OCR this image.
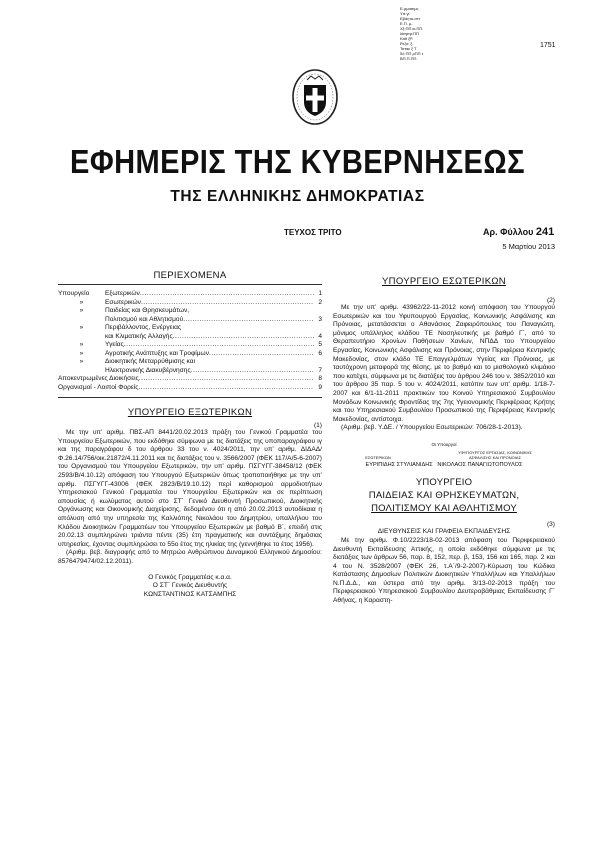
Ε-ρμασιμς
Υπ.γί
Εβάςτα-σττ
Ε.Π. μ-
Χξ:ΠΠ.κι.ΠΠ.
Ιάσρτρ:ΠΠ
Καθ ξΡ.
Ρεζο: ξ-
Τσταε ξ Τ
δό ΠΠ ρΠΠ τ
ΒΠ.Π.ΠΠ.
1751
ΕΦΗΜΕΡΙΣ ΤΗΣ ΚΥΒΕΡΝΗΣΕΩΣ
ΤΗΣ ΕΛΛΗΝΙΚΗΣ ΔΗΜΟΚΡΑΤΙΑΣ
ΤΕΥΧΟΣ ΤΡΙΤΟ	Αρ. Φύλλου 241
5 Μαρτίου 2013
ΠΕΡΙΕΧΟΜΕΝΑ
Υπουργείο	Εξωτερικών .....	1
»	Εσωτερικών .....	2
»	Παιδείας και Θρησκευμάτων,
Πολιτισμού και Αθλητισμού .....	3
»	Περιβάλλοντος, Ενέργειας
και Κλιματικής Αλλαγής .....	4
»	Υγείας .....	5
»	Αγροτικής Ανάπτυξης και Τροφίμων .....	6
»	Διοικητικής Μεταρρύθμισης και
Ηλεκτρονικής Διακυβέρνησης .....	7
Αποκεντρωμένες Διοικήσεις .....	8
Οργανισμοί - Λοιποί Φορείς .....	9
ΥΠΟΥΡΓΕΙΟ ΕΞΩΤΕΡΙΚΩΝ
(1)

Με την υπ’ αριθμ. ΠΒΣ-ΑΠ 8441/20.02.2013 πράξη του Γενικού Γραμματέα του Υπουργείου Εξωτερικών, που εκδόθηκε σύμφωνα με τις διατάξεις της υποπαραγράφου ιγ και της παραγράφου δ του άρθρου 33 του ν. 4024/2011, την υπ’ αριθμ. ΔΙΔΑΔ/Φ.26.14/756/οικ.21872/4.11.2011 και τις διατάξεις του ν. 3566/2007 (ΦΕΚ 117/Α/5-6-2007) του Οργανισμού του Υπουργείου Εξωτερικών, την υπ’ αριθμ. ΠΣΓΥΓΓ-38458/12 (ΦΕΚ 2593/Β/4.10.12) απόφαση του Υπουργού Εξωτερικών όπως τροποποιήθηκε με την υπ’ αριθμ. ΠΣΓΥΓΓ-43006 (ΦΕΚ 2823/Β/19.10.12) περί καθορισμού αρμοδιοτήτων Υπηρεσιακού Γενικού Γραμματέα του Υπουργείου Εξωτερικών και σε περίπτωση απουσίας ή κωλύματος αυτού στο ΣΤ΄ Γενικό Διευθυντή Προσωπικού, Διοικητικής Οργάνωσης και Οικονομικής Διαχείρισης, δεδομένου ότι η από 20.02.2013 αυτοδίκαια η απόλυση από την υπηρεσία της Καλλιόπης Νικολάου του Δημητρίου, υπαλλήλου του Κλάδου Διοικητικών Γραμματέων του Υπουργείου Εξωτερικών με βαθμό Β΄, επειδή στις 20.02.13 συμπληρώνει τριάντα πέντε (35) έτη πραγματικής και συντάξιμης δημόσιας υπηρεσίας, έχοντας συμπληρώσει το 55ο έτος της ηλικίας της (γεννήθηκε το έτος 1956).

(Αριθμ. βεβ. διαγραφής από το Μητρώο Ανθρώπινου Δυναμικού Ελληνικού Δημοσίου: 8576479474/02.12.2011).

Ο Γενικός Γραμματέας κ.α.α.
Ο ΣΤ΄ Γενικός Διευθυντής
ΚΩΝΣΤΑΝΤΙΝΟΣ ΚΑΤΣΑΜΠΗΣ
ΥΠΟΥΡΓΕΙΟ ΕΣΩΤΕΡΙΚΩΝ
(2)

Με την υπ’ αριθμ. 43962/22-11-2012 κοινή απόφαση του Υπουργού Εσωτερικών και του Υφυπουργού Εργασίας, Κοινωνικής Ασφάλισης και Πρόνοιας, μετατάσσεται ο Αθανάσιος Ζαφειρόπουλος του Παναγιώτη, μόνιμος υπάλληλος κλάδου ΤΕ Νοσηλευτικής με βαθμό Γ΄, από το Θεραπευτήριο Χρονίων Παθήσεων Χανίων, ΝΠΔΔ του Υπουργείου Εργασίας, Κοινωνικής Ασφάλισης και Πρόνοιας, στην Περιφέρεια Κεντρικής Μακεδονίας, στον κλάδο ΤΕ Επαγγελμάτων Υγείας και Πρόνοιας, με ταυτόχρονη μεταφορά της θέσης, με το βαθμό και το μισθολογικό κλιμάκιο που κατέχει, σύμφωνα με τις διατάξεις του άρθρου 246 του ν. 3852/2010 και του άρθρου 35 παρ. 5 του ν. 4024/2011, κατόπιν των υπ’ αριθμ. 1/18-7-2007 και 6/1-11-2011 πρακτικών του Κοινού Υπηρεσιακού Συμβουλίου Μονάδων Κοινωνικής Φροντίδας της 7ης Υγειονομικής Περιφέρειας Κρήτης και του Υπηρεσιακού Συμβουλίου Προσωπικού της Περιφέρειας Κεντρικής Μακεδονίας, αντίστοιχα.

(Αριθμ. βεβ. Υ.ΔΕ. / Υπουργείου Εσωτερικών: 706/28-1-2013).

Οι Υπουργοί
ΕΣΩΤΕΡΙΚΩΝ
ΥΦΥΠΟΥΡΓΟΣ ΕΡΓΑΣΙΑΣ, ΚΟΙΝΩΝΙΚΗΣ
ΑΣΦΑΛΙΣΗΣ ΚΑΙ ΠΡΟΝΟΙΑΣ
ΕΥΡΙΠΙΔΗΣ ΣΤΥΛΙΑΝΙΔΗΣ   ΝΙΚΟΛΑΟΣ ΠΑΝΑΓΙΩΤΟΠΟΥΛΟΣ
ΥΠΟΥΡΓΕΙΟ
ΠΑΙΔΕΙΑΣ ΚΑΙ ΘΡΗΣΚΕΥΜΑΤΩΝ,
ΠΟΛΙΤΙΣΜΟΥ ΚΑΙ ΑΘΛΗΤΙΣΜΟΥ
(3)
ΔΙΕΥΘΥΝΣΕΙΣ ΚΑΙ ΓΡΑΦΕΙΑ ΕΚΠΑΙΔΕΥΣΗΣ

Με την αριθμ. Φ.10/2223/18-02-2013 απόφαση του Περιφερειακού Διευθυντή Εκπαίδευσης Αττικής, η οποία εκδόθηκε σύμφωνα με τις διατάξεις των άρθρων 56, παρ. 8, 152, περ. β, 153, 156 και 165, παρ. 2 και 4 του Ν. 3528/2007 (ΦΕΚ 26, τ.Α΄/9-2-2007)-Κύρωση του Κώδικα Κατάστασης Δημοσίων Πολιτικών Διοικητικών Υπαλλήλων και Υπαλλήλων Ν.Π.Δ.Δ., και ύστερα από την αριθμ. 3/13-02-2013 πράξη του Περιφερειακού Υπηρεσιακού Συμβουλίου Δευτεροβάθμιας Εκπαίδευσης Γ΄ Αθήνας, η Καραστη-
